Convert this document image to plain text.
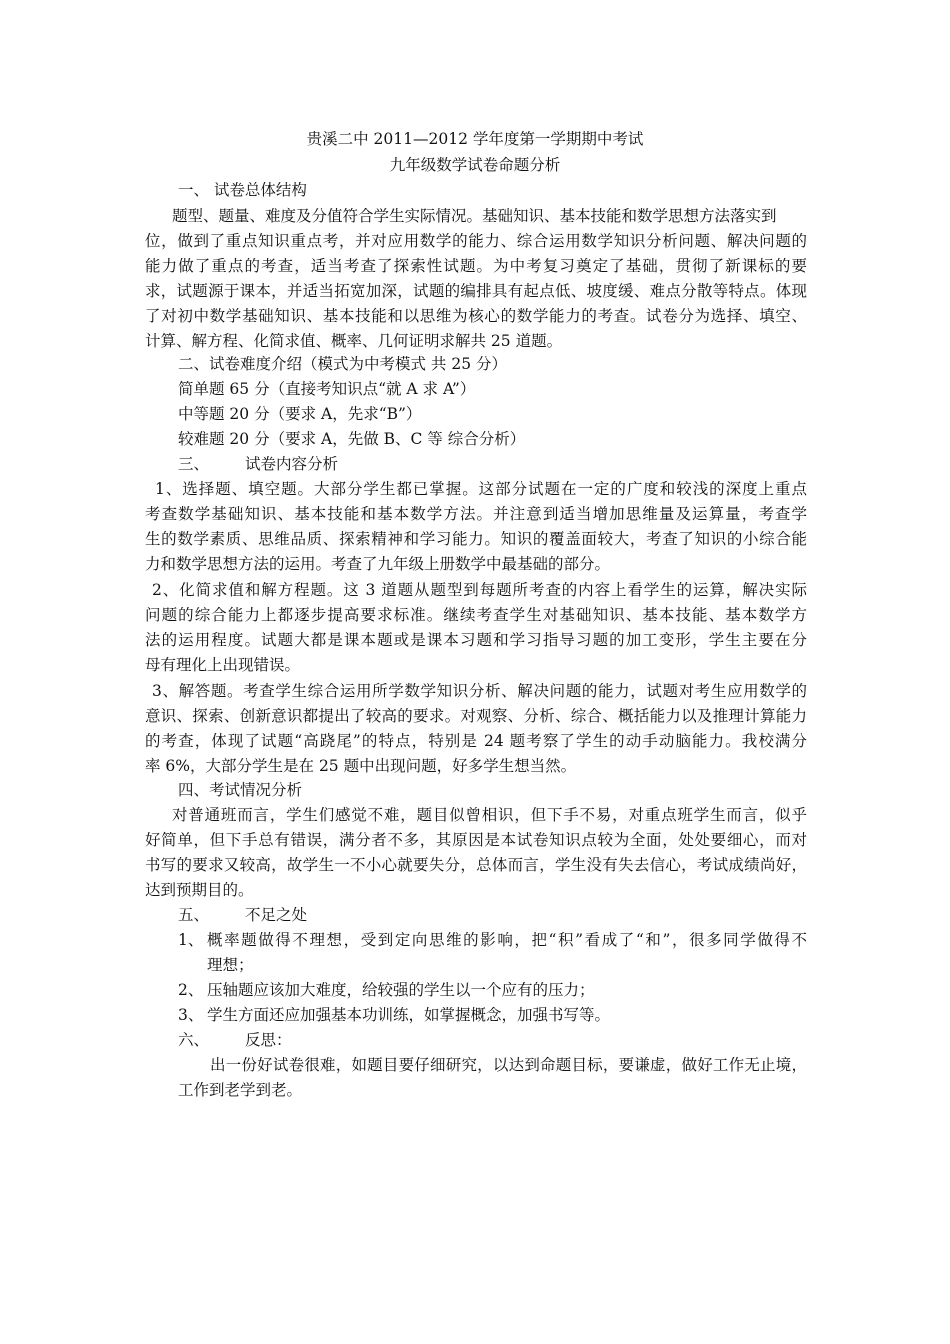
贵溪二中 2011—2012 学年度第一学期期中考试
九年级数学试卷命题分析
一、 试卷总体结构
题型、题量、难度及分值符合学生实际情况。基础知识、基本技能和数学思想方法落实到
位，做到了重点知识重点考，并对应用数学的能力、综合运用数学知识分析问题、解决问题的
能力做了重点的考查，适当考查了探索性试题。为中考复习奠定了基础，贯彻了新课标的要
求，试题源于课本，并适当拓宽加深，试题的编排具有起点低、坡度缓、难点分散等特点。体现
了对初中数学基础知识、基本技能和以思维为核心的数学能力的考查。试卷分为选择、填空、
计算、解方程、化简求值、概率、几何证明求解共 25 道题。
二、试卷难度介绍（模式为中考模式 共 25 分）
简单题 65 分（直接考知识点“就 A 求 A”）
中等题 20 分（要求 A，先求“B”）
较难题 20 分（要求 A，先做 B、C 等 综合分析）
三、 试卷内容分析
1、选择题、填空题。大部分学生都已掌握。这部分试题在一定的广度和较浅的深度上重点
考查数学基础知识、基本技能和基本数学方法。并注意到适当增加思维量及运算量，考查学
生的数学素质、思维品质、探索精神和学习能力。知识的覆盖面较大，考查了知识的小综合能
力和数学思想方法的运用。考查了九年级上册数学中最基础的部分。
2、化简求值和解方程题。这 3 道题从题型到每题所考查的内容上看学生的运算，解决实际
问题的综合能力上都逐步提高要求标准。继续考查学生对基础知识、基本技能、基本数学方
法的运用程度。试题大都是课本题或是课本习题和学习指导习题的加工变形，学生主要在分
母有理化上出现错误。
3、解答题。考查学生综合运用所学数学知识分析、解决问题的能力，试题对考生应用数学的
意识、探索、创新意识都提出了较高的要求。对观察、分析、综合、概括能力以及推理计算能力
的考查，体现了试题“高跷尾”的特点，特别是 24 题考察了学生的动手动脑能力。我校满分
率 6%，大部分学生是在 25 题中出现问题，好多学生想当然。
四、考试情况分析
对普通班而言，学生们感觉不难，题目似曾相识，但下手不易，对重点班学生而言，似乎
好简单，但下手总有错误，满分者不多，其原因是本试卷知识点较为全面，处处要细心，而对
书写的要求又较高，故学生一不小心就要失分，总体而言，学生没有失去信心，考试成绩尚好，
达到预期目的。
五、 不足之处
1、 概率题做得不理想，受到定向思维的影响，把“积”看成了“和”，很多同学做得不
理想；
2、 压轴题应该加大难度，给较强的学生以一个应有的压力；
3、 学生方面还应加强基本功训练，如掌握概念，加强书写等。
六、 反思：
出一份好试卷很难，如题目要仔细研究，以达到命题目标，要谦虚，做好工作无止境，
工作到老学到老。
